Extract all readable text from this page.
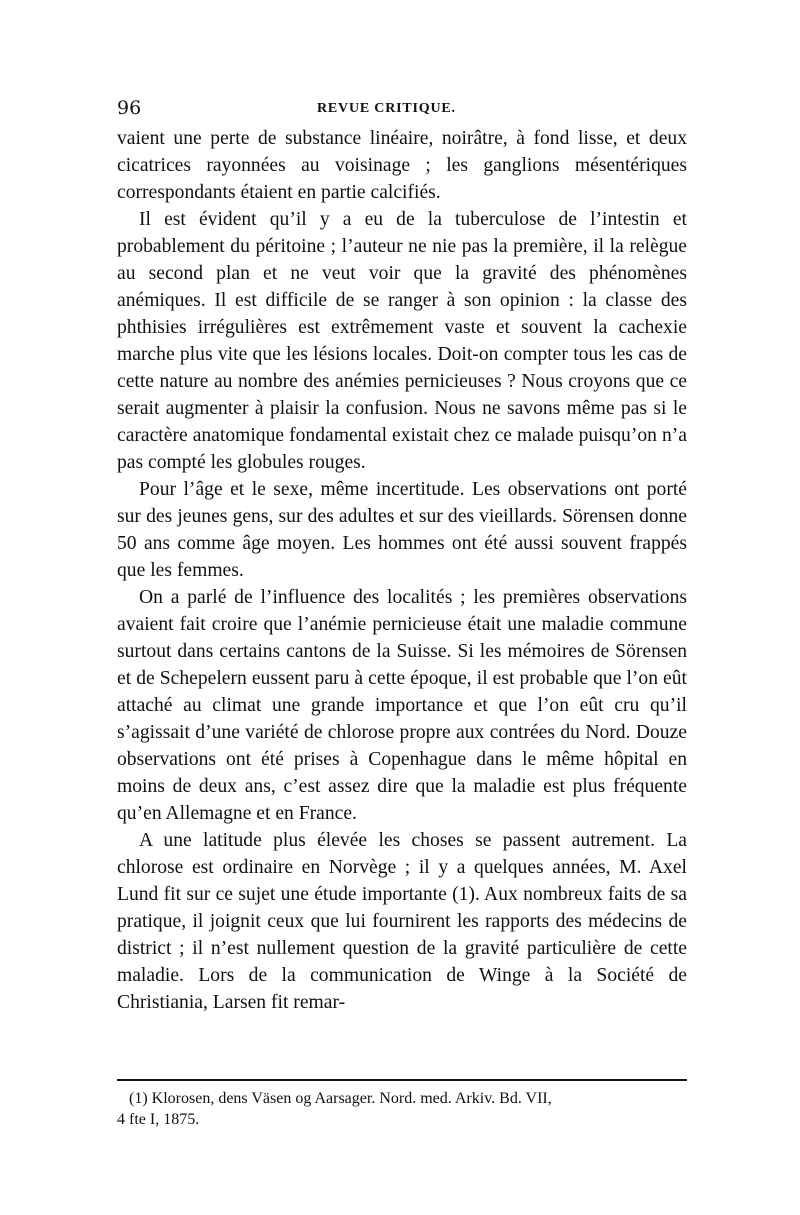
96	REVUE CRITIQUE.

vaient une perte de substance linéaire, noirâtre, à fond lisse, et deux cicatrices rayonnées au voisinage ; les ganglions mésentériques correspondants étaient en partie calcifiés.

Il est évident qu’il y a eu de la tuberculose de l’intestin et probablement du péritoine ; l’auteur ne nie pas la première, il la relègue au second plan et ne veut voir que la gravité des phénomènes anémiques. Il est difficile de se ranger à son opinion : la classe des phthisies irrégulières est extrêmement vaste et souvent la cachexie marche plus vite que les lésions locales. Doit-on compter tous les cas de cette nature au nombre des anémies pernicieuses ? Nous croyons que ce serait augmenter à plaisir la confusion. Nous ne savons même pas si le caractère anatomique fondamental existait chez ce malade puisqu’on n’a pas compté les globules rouges.

Pour l’âge et le sexe, même incertitude. Les observations ont porté sur des jeunes gens, sur des adultes et sur des vieillards. Sörensen donne 50 ans comme âge moyen. Les hommes ont été aussi souvent frappés que les femmes.

On a parlé de l’influence des localités ; les premières observations avaient fait croire que l’anémie pernicieuse était une maladie commune surtout dans certains cantons de la Suisse. Si les mémoires de Sörensen et de Schepelern eussent paru à cette époque, il est probable que l’on eût attaché au climat une grande importance et que l’on eût cru qu’il s’agissait d’une variété de chlorose propre aux contrées du Nord. Douze observations ont été prises à Copenhague dans le même hôpital en moins de deux ans, c’est assez dire que la maladie est plus fréquente qu’en Allemagne et en France.

A une latitude plus élevée les choses se passent autrement. La chlorose est ordinaire en Norvège ; il y a quelques années, M. Axel Lund fit sur ce sujet une étude importante (1). Aux nombreux faits de sa pratique, il joignit ceux que lui fournirent les rapports des médecins de district ; il n’est nullement question de la gravité particulière de cette maladie. Lors de la communication de Winge à la Société de Christiania, Larsen fit remar-

(1) Klorosen, dens Väsen og Aarsager. Nord. med. Arkiv. Bd. VII,
4 fte I, 1875.
